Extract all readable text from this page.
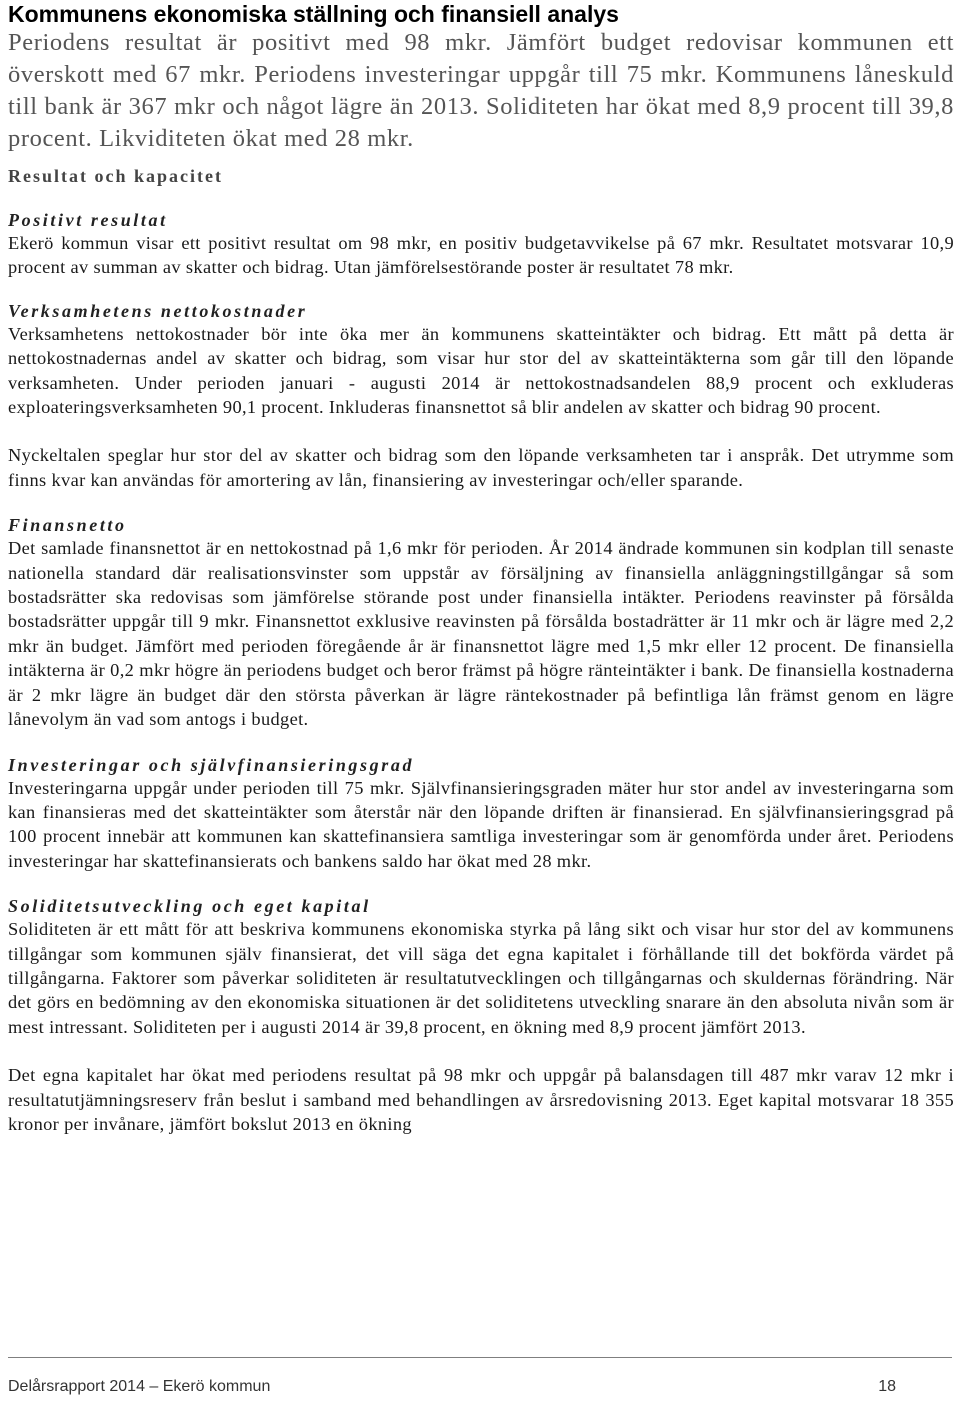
Kommunens ekonomiska ställning och finansiell analys

Periodens resultat är positivt med 98 mkr. Jämfört budget redovisar kommunen ett överskott med 67 mkr. Periodens investeringar uppgår till 75 mkr. Kommunens låneskuld till bank är 367 mkr och något lägre än 2013. Soliditeten har ökat med 8,9 procent till 39,8 procent. Likviditeten ökat med 28 mkr.

Resultat och kapacitet
Positivt resultat

Ekerö kommun visar ett positivt resultat om 98 mkr, en positiv budgetavvikelse på 67 mkr. Resultatet motsvarar 10,9 procent av summan av skatter och bidrag. Utan jämförelsestörande poster är resultatet 78 mkr.

Verksamhetens nettokostnader

Verksamhetens nettokostnader bör inte öka mer än kommunens skatteintäkter och bidrag. Ett mått på detta är nettokostnadernas andel av skatter och bidrag, som visar hur stor del av skatteintäkterna som går till den löpande verksamheten. Under perioden januari - augusti 2014 är nettokostnadsandelen 88,9 procent och exkluderas exploateringsverksamheten 90,1 procent. Inkluderas finansnettot så blir andelen av skatter och bidrag 90 procent.

Nyckeltalen speglar hur stor del av skatter och bidrag som den löpande verksamheten tar i anspråk. Det utrymme som finns kvar kan användas för amortering av lån, finansiering av investeringar och/eller sparande.

Finansnetto

Det samlade finansnettot är en nettokostnad på 1,6 mkr för perioden. År 2014 ändrade kommunen sin kodplan till senaste nationella standard där realisationsvinster som uppstår av försäljning av finansiella anläggningstillgångar så som bostadsrätter ska redovisas som jämförelse störande post under finansiella intäkter. Periodens reavinster på försålda bostadsrätter uppgår till 9 mkr. Finansnettot exklusive reavinsten på försålda bostadrätter är 11 mkr och är lägre med 2,2 mkr än budget. Jämfört med perioden föregående år är finansnettot lägre med 1,5 mkr eller 12 procent. De finansiella intäkterna är 0,2 mkr högre än periodens budget och beror främst på högre ränteintäkter i bank. De finansiella kostnaderna är 2 mkr lägre än budget där den största påverkan är lägre räntekostnader på befintliga lån främst genom en lägre lånevolym än vad som antogs i budget.

Investeringar och självfinansieringsgrad

Investeringarna uppgår under perioden till 75 mkr. Självfinansieringsgraden mäter hur stor andel av investeringarna som kan finansieras med det skatteintäkter som återstår när den löpande driften är finansierad. En självfinansieringsgrad på 100 procent innebär att kommunen kan skattefinansiera samtliga investeringar som är genomförda under året. Periodens investeringar har skattefinansierats och bankens saldo har ökat med 28 mkr.

Soliditetsutveckling och eget kapital

Soliditeten är ett mått för att beskriva kommunens ekonomiska styrka på lång sikt och visar hur stor del av kommunens tillgångar som kommunen själv finansierat, det vill säga det egna kapitalet i förhållande till det bokförda värdet på tillgångarna. Faktorer som påverkar soliditeten är resultatutvecklingen och tillgångarnas och skuldernas förändring. När det görs en bedömning av den ekonomiska situationen är det soliditetens utveckling snarare än den absoluta nivån som är mest intressant. Soliditeten per i augusti 2014 är 39,8 procent, en ökning med 8,9 procent jämfört 2013.

Det egna kapitalet har ökat med periodens resultat på 98 mkr och uppgår på balansdagen till 487 mkr varav 12 mkr i resultatutjämningsreserv från beslut i samband med behandlingen av årsredovisning 2013. Eget kapital motsvarar 18 355 kronor per invånare, jämfört bokslut 2013 en ökning

Delårsrapport 2014 – Ekerö kommun	18
